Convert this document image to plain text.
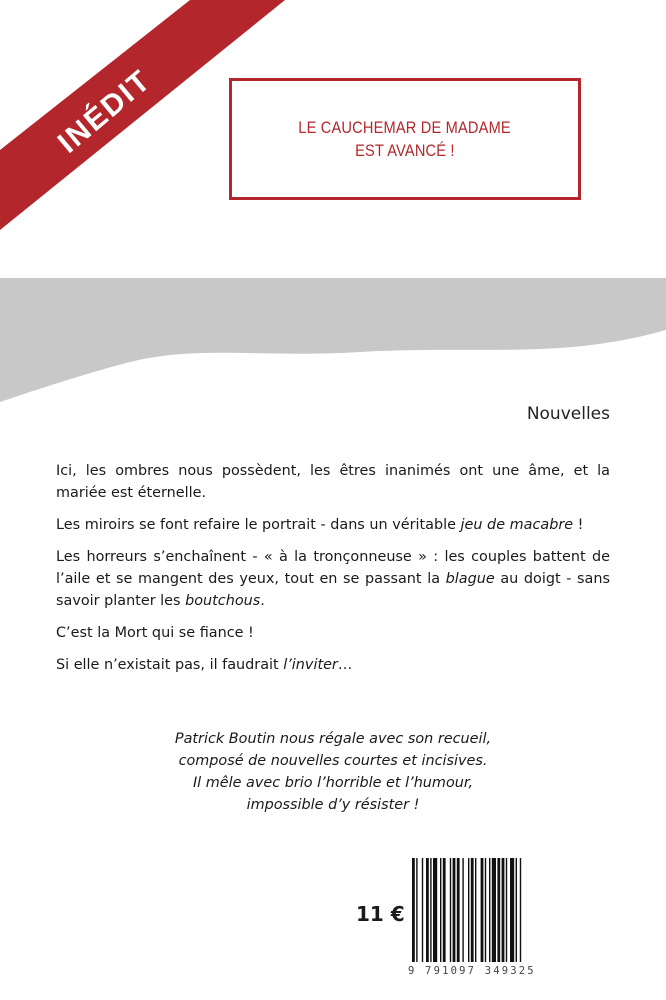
INÉDIT	LE CAUCHEMAR DE MADAME
EST AVANCÉ !
Nouvelles

Ici, les ombres nous possèdent, les êtres inanimés ont une âme, et la mariée est éternelle.

Les miroirs se font refaire le portrait - dans un véritable jeu de macabre !

Les horreurs s’enchaînent - « à la tronçonneuse » : les couples battent de l’aile et se mangent des yeux, tout en se passant la blague au doigt - sans savoir planter les boutchous.

C’est la Mort qui se fiance !

Si elle n’existait pas, il faudrait l’inviter…

Patrick Boutin nous régale avec son recueil,
composé de nouvelles courtes et incisives.
Il mêle avec brio l’horrible et l’humour,
impossible d’y résister !
11 €
9 791097 349325
